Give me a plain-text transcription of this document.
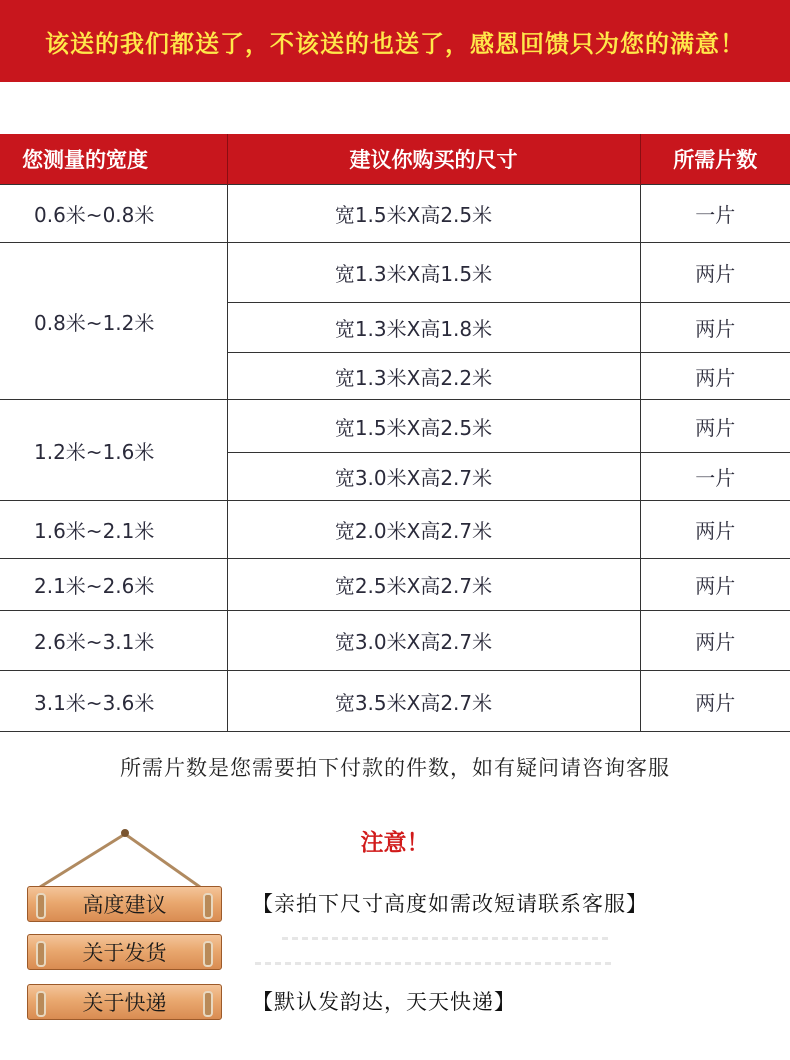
该送的我们都送了，不该送的也送了，感恩回馈只为您的满意！
您测量的宽度	建议你购买的尺寸	所需片数
0.6米~0.8米	宽1.5米X高2.5米	一片
0.8米~1.2米	宽1.3米X高1.5米	两片
	宽1.3米X高1.8米	两片
	宽1.3米X高2.2米	两片
1.2米~1.6米	宽1.5米X高2.5米	两片
	宽3.0米X高2.7米	一片
1.6米~2.1米	宽2.0米X高2.7米	两片
2.1米~2.6米	宽2.5米X高2.7米	两片
2.6米~3.1米	宽3.0米X高2.7米	两片
3.1米~3.6米	宽3.5米X高2.7米	两片
所需片数是您需要拍下付款的件数，如有疑问请咨询客服
注意！
高度建议	【亲拍下尺寸高度如需改短请联系客服】
关于发货
关于快递	【默认发韵达，天天快递】
